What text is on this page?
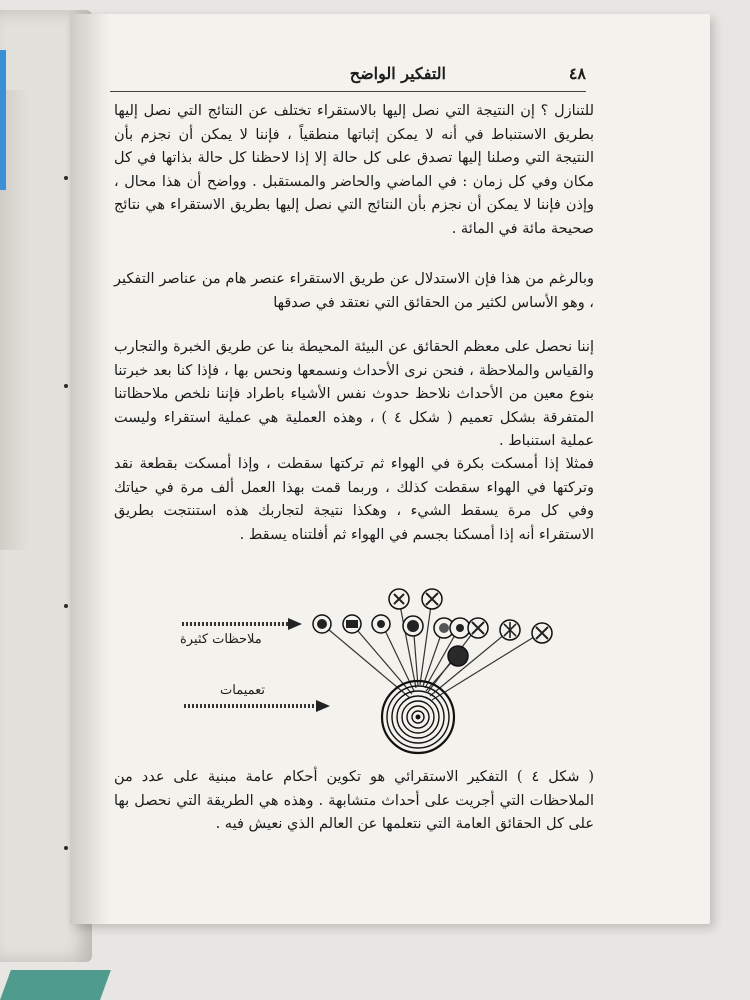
٤٨
التفكير الواضح
للتنازل ؟ إن النتيجة التي نصل إليها بالاستقراء تختلف عن النتائج التي نصل إليها بطريق الاستنباط في أنه لا يمكن إثباتها منطقياً ، فإننا لا يمكن أن نجزم بأن النتيجة التي وصلنا إليها تصدق على كل حالة إلا إذا لاحظنا كل حالة بذاتها في كل مكان وفي كل زمان : في الماضي والحاضر والمستقبل . وواضح أن هذا محال ، وإذن فإننا لا يمكن أن نجزم بأن النتائج التي نصل إليها بطريق الاستقراء هي نتائج صحيحة مائة في المائة .
وبالرغم من هذا فإن الاستدلال عن طريق الاستقراء عنصر هام من عناصر التفكير ، وهو الأساس لكثير من الحقائق التي نعتقد في صدقها
إننا نحصل على معظم الحقائق عن البيئة المحيطة بنا عن طريق الخبرة والتجارب والقياس والملاحظة ، فنحن نرى الأحداث ونسمعها ونحس بها ، فإذا كنا بعد خبرتنا بنوع معين من الأحداث نلاحظ حدوث نفس الأشياء باطراد فإننا نلخص ملاحظاتنا المتفرقة بشكل تعميم ( شكل ٤ ) ، وهذه العملية هي عملية استقراء وليست عملية استنباط .
فمثلا إذا أمسكت بكرة في الهواء ثم تركتها سقطت ، وإذا أمسكت بقطعة نقد وتركتها في الهواء سقطت كذلك ، وربما قمت بهذا العمل ألف مرة في حياتك وفي كل مرة يسقط الشيء ، وهكذا نتيجة لتجاربك هذه استنتجت بطريق الاستقراء أنه إذا أمسكنا بجسم في الهواء ثم أفلتناه يسقط .
ملاحظات كثيرة
تعميمات
( شكل ٤ ) التفكير الاستقرائي هو تكوين أحكام عامة مبنية على عدد من الملاحظات التي أجريت على أحداث متشابهة . وهذه هي الطريقة التي نحصل بها على كل الحقائق العامة التي نتعلمها عن العالم الذي نعيش فيه .
